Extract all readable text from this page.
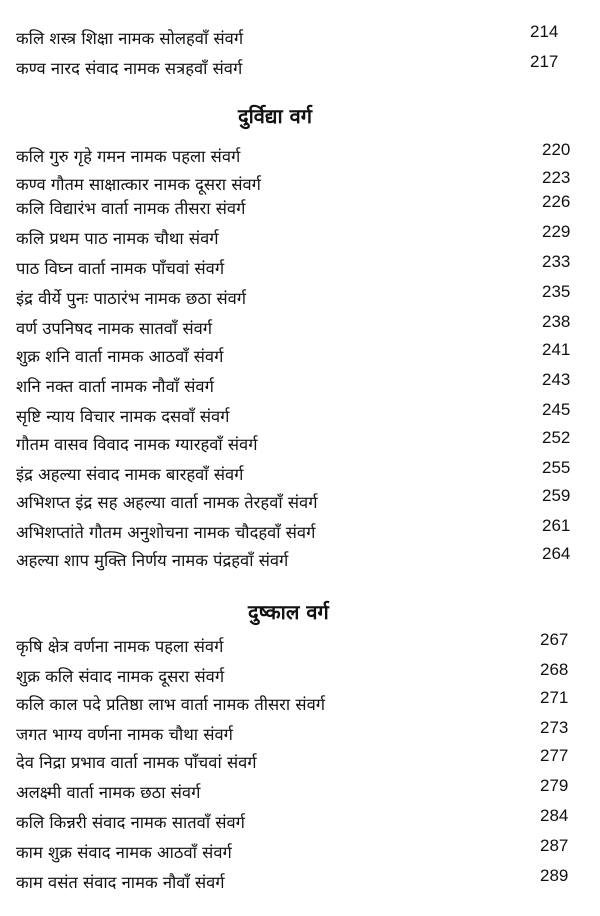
कलि शस्त्र शिक्षा नामक सोलहवाँ संवर्ग	214
कण्व नारद संवाद नामक सत्रहवाँ संवर्ग	217
दुर्विद्या वर्ग
कलि गुरु गृहे गमन नामक पहला संवर्ग	220
कण्व गौतम साक्षात्कार नामक दूसरा संवर्ग	223
कलि विद्यारंभ वार्ता नामक तीसरा संवर्ग	226
कलि प्रथम पाठ नामक चौथा संवर्ग	229
पाठ विघ्न वार्ता नामक पाँचवां संवर्ग	233
इंद्र वीर्ये पुनः पाठारंभ नामक छठा संवर्ग	235
वर्ण उपनिषद नामक सातवाँ संवर्ग	238
शुक्र शनि वार्ता नामक आठवाँ संवर्ग	241
शनि नक्त वार्ता नामक नौवाँ संवर्ग	243
सृष्टि न्याय विचार नामक दसवाँ संवर्ग	245
गौतम वासव विवाद नामक ग्यारहवाँ संवर्ग	252
इंद्र अहल्या संवाद नामक बारहवाँ संवर्ग	255
अभिशप्त इंद्र सह अहल्या वार्ता नामक तेरहवाँ संवर्ग	259
अभिशप्तांते गौतम अनुशोचना नामक चौदहवाँ संवर्ग	261
अहल्या शाप मुक्ति निर्णय नामक पंद्रहवाँ संवर्ग	264
दुष्काल वर्ग
कृषि क्षेत्र वर्णना नामक पहला संवर्ग	267
शुक्र कलि संवाद नामक दूसरा संवर्ग	268
कलि काल पदे प्रतिष्ठा लाभ वार्ता नामक तीसरा संवर्ग	271
जगत भाग्य वर्णना नामक चौथा संवर्ग	273
देव निद्रा प्रभाव वार्ता नामक पाँचवां संवर्ग	277
अलक्ष्मी वार्ता नामक छठा संवर्ग	279
कलि किन्नरी संवाद नामक सातवाँ संवर्ग	284
काम शुक्र संवाद नामक आठवाँ संवर्ग	287
काम वसंत संवाद नामक नौवाँ संवर्ग	289
